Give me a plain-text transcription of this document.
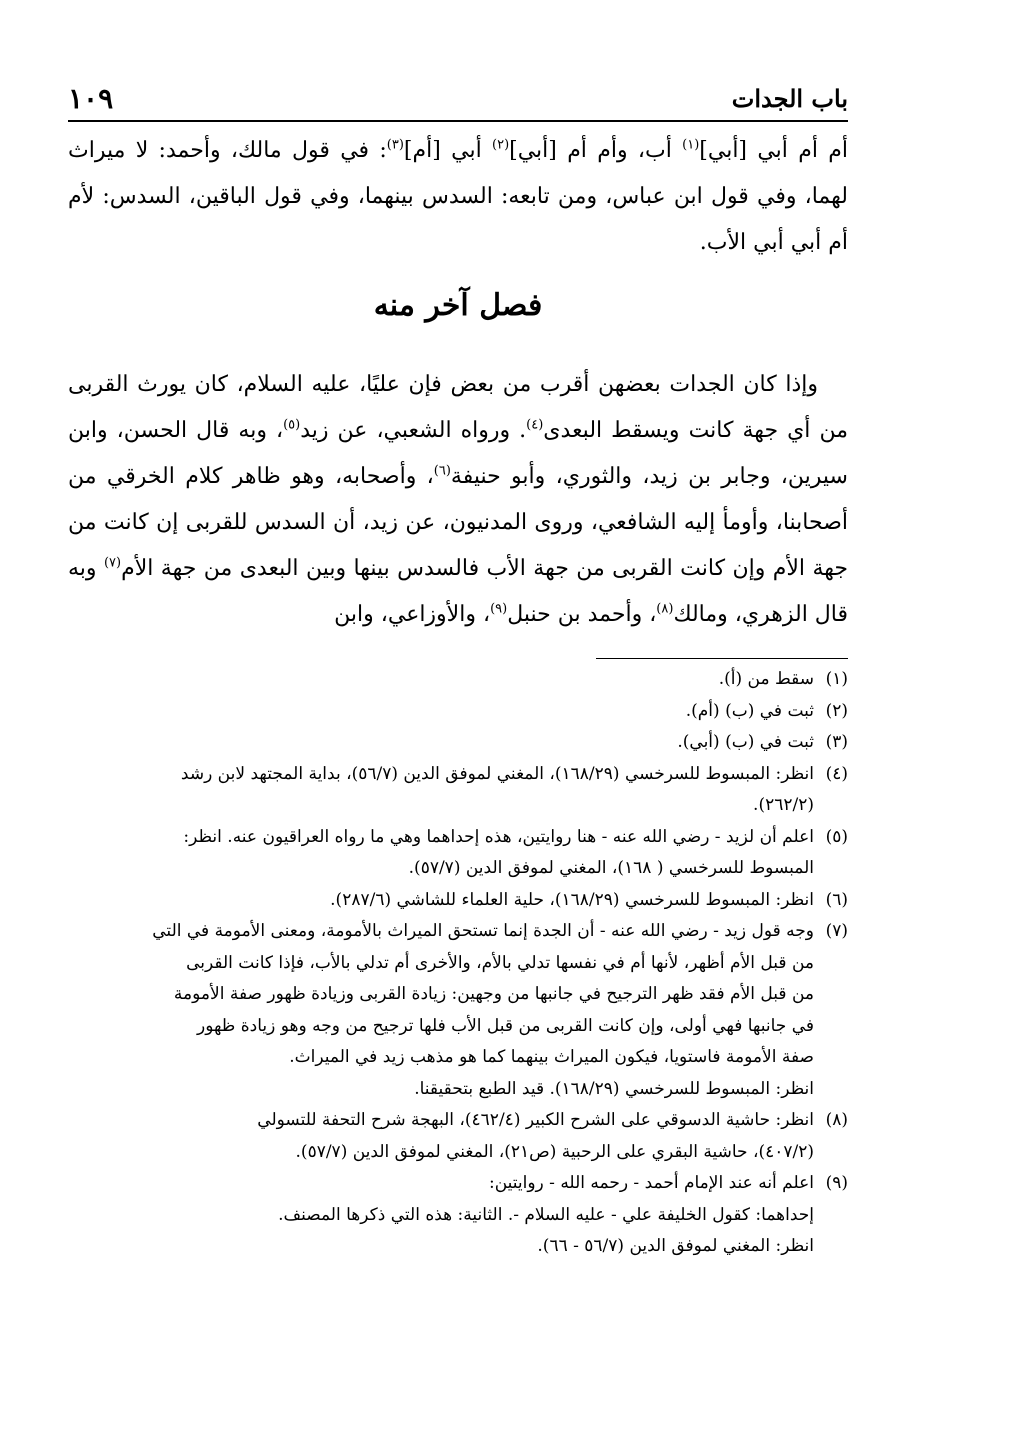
١٠٩	باب الجدات

أم أم أبي [أبي]$^{(١)}$ أب، وأم أم [أبي]$^{(٢)}$ أبي [أم]$^{(٣)}$: في قول مالك، وأحمد: لا ميراث لهما، وفي قول ابن عباس، ومن تابعه: السدس بينهما، وفي قول الباقين، السدس: لأم أم أبي أبي الأب.

فصل آخر منه

وإذا كان الجدات بعضهن أقرب من بعض فإن عليًا، عليه السلام، كان يورث القربى من أي جهة كانت ويسقط البعدى$^{(٤)}$. ورواه الشعبي، عن زيد$^{(٥)}$، وبه قال الحسن، وابن سيرين، وجابر بن زيد، والثوري، وأبو حنيفة$^{(٦)}$، وأصحابه، وهو ظاهر كلام الخرقي من أصحابنا، وأومأ إليه الشافعي، وروى المدنيون، عن زيد، أن السدس للقربى إن كانت من جهة الأم وإن كانت القربى من جهة الأب فالسدس بينها وبين البعدى من جهة الأم$^{(٧)}$ وبه قال الزهري، ومالك$^{(٨)}$، وأحمد بن حنبل$^{(٩)}$، والأوزاعي، وابن

(١)
سقط من (أ).

(٢)
ثبت في (ب) (أم).

(٣)
ثبت في (ب) (أبي).

(٤)
انظر: المبسوط للسرخسي (١٦٨/٢٩)، المغني لموفق الدين (٥٦/٧)، بداية المجتهد لابن رشد
(٢٦٢/٢).

(٥)
اعلم أن لزيد - رضي الله عنه - هنا روايتين، هذه إحداهما وهي ما رواه العراقيون عنه. انظر:
المبسوط للسرخسي ( ١٦٨)، المغني لموفق الدين (٥٧/٧).

(٦)
انظر: المبسوط للسرخسي (١٦٨/٢٩)، حلية العلماء للشاشي (٢٨٧/٦).

(٧)
وجه قول زيد - رضي الله عنه - أن الجدة إنما تستحق الميراث بالأمومة، ومعنى الأمومة في التي
من قبل الأم أظهر، لأنها أم في نفسها تدلي بالأم، والأخرى أم تدلي بالأب، فإذا كانت القربى
من قبل الأم فقد ظهر الترجيح في جانبها من وجهين: زيادة القربى وزيادة ظهور صفة الأمومة
في جانبها فهي أولى، وإن كانت القربى من قبل الأب فلها ترجيح من وجه وهو زيادة ظهور
صفة الأمومة فاستويا، فيكون الميراث بينهما كما هو مذهب زيد في الميراث.
انظر: المبسوط للسرخسي (١٦٨/٢٩). قيد الطبع بتحقيقنا.

(٨)
انظر: حاشية الدسوقي على الشرح الكبير (٤٦٢/٤)، البهجة شرح التحفة للتسولي
(٤٠٧/٢)، حاشية البقري على الرحبية (ص٢١)، المغني لموفق الدين (٥٧/٧).

(٩)
اعلم أنه عند الإمام أحمد - رحمه الله - روايتين:
إحداهما: كقول الخليفة علي - عليه السلام -. الثانية: هذه التي ذكرها المصنف.
انظر: المغني لموفق الدين (٥٦/٧ - ٦٦).
